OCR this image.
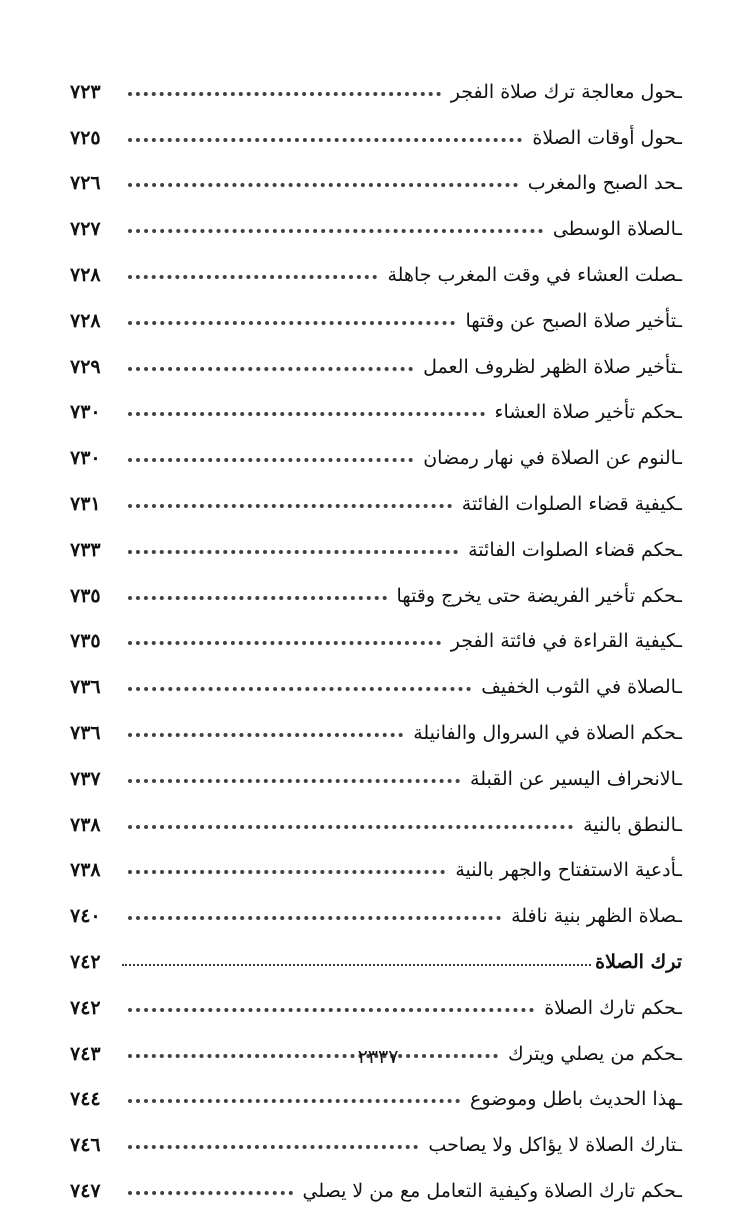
ـحول معالجة ترك صلاة الفجر
٧٢٣
ـحول أوقات الصلاة
٧٢٥
ـحد الصبح والمغرب
٧٢٦
ـالصلاة الوسطى
٧٢٧
ـصلت العشاء في وقت المغرب جاهلة
٧٢٨
ـتأخير صلاة الصبح عن وقتها
٧٢٨
ـتأخير صلاة الظهر لظروف العمل
٧٢٩
ـحكم تأخير صلاة العشاء
٧٣٠
ـالنوم عن الصلاة في نهار رمضان
٧٣٠
ـكيفية قضاء الصلوات الفائتة
٧٣١
ـحكم قضاء الصلوات الفائتة
٧٣٣
ـحكم تأخير الفريضة حتى يخرج وقتها
٧٣٥
ـكيفية القراءة في فائتة الفجر
٧٣٥
ـالصلاة في الثوب الخفيف
٧٣٦
ـحكم الصلاة في السروال والفانيلة
٧٣٦
ـالانحراف اليسير عن القبلة
٧٣٧
ـالنطق بالنية
٧٣٨
ـأدعية الاستفتاح والجهر بالنية
٧٣٨
ـصلاة الظهر بنية نافلة
٧٤٠
ترك الصلاة
٧٤٢
ـحكم تارك الصلاة
٧٤٢
ـحكم من يصلي ويترك
٧٤٣
ـهذا الحديث باطل وموضوع
٧٤٤
ـتارك الصلاة لا يؤاكل ولا يصاحب
٧٤٦
ـحكم تارك الصلاة وكيفية التعامل مع من لا يصلي
٧٤٧
٢٣٣٧
